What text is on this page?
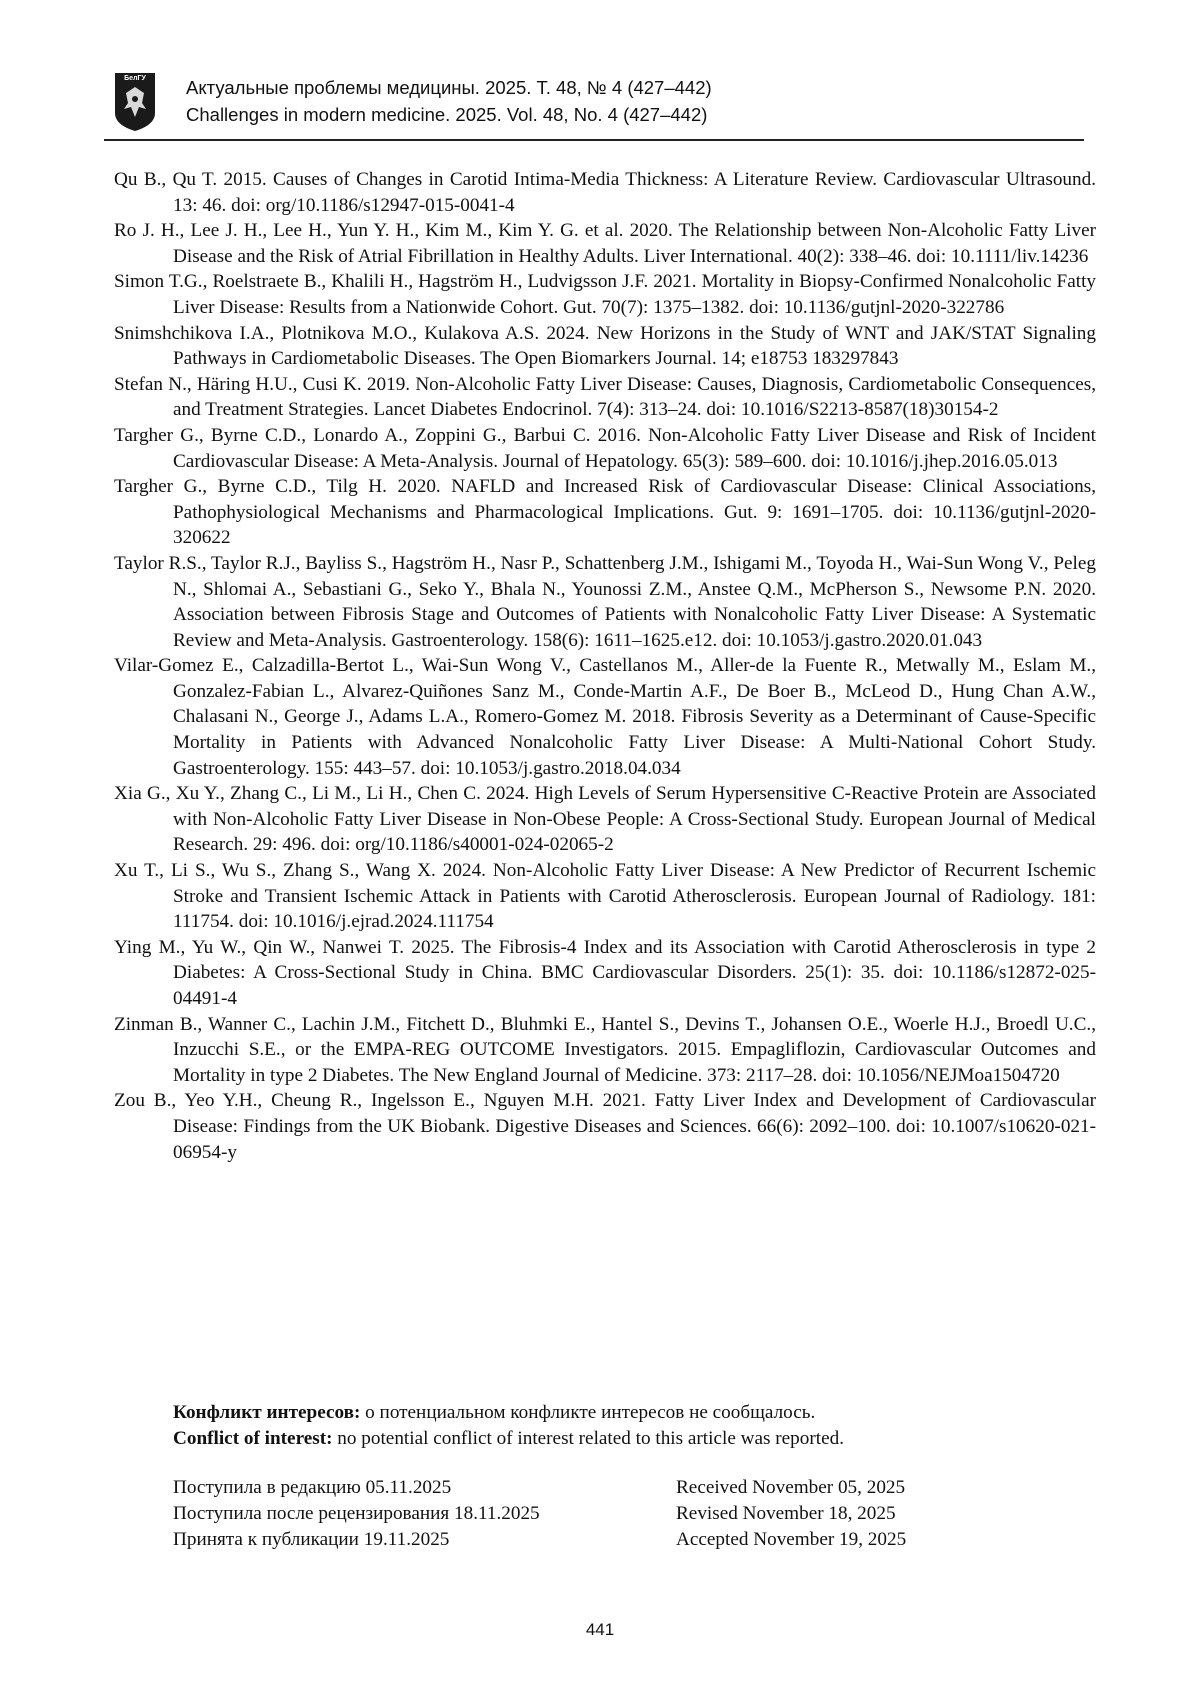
БелГУ Актуальные проблемы медицины. 2025. Т. 48, № 4 (427–442)
Challenges in modern medicine. 2025. Vol. 48, No. 4 (427–442)

Qu B., Qu T. 2015. Causes of Changes in Carotid Intima-Media Thickness: A Literature Review. Cardiovascular Ultrasound. 13: 46. doi: org/10.1186/s12947-015-0041-4

Ro J. H., Lee J. H., Lee H., Yun Y. H., Kim M., Kim Y. G. et al. 2020. The Relationship between Non-Alcoholic Fatty Liver Disease and the Risk of Atrial Fibrillation in Healthy Adults. Liver International. 40(2): 338–46. doi: 10.1111/liv.14236

Simon T.G., Roelstraete B., Khalili H., Hagström H., Ludvigsson J.F. 2021. Mortality in Biopsy-Confirmed Nonalcoholic Fatty Liver Disease: Results from a Nationwide Cohort. Gut. 70(7): 1375–1382. doi: 10.1136/gutjnl-2020-322786

Snimshchikova I.A., Plotnikova M.O., Kulakova A.S. 2024. New Horizons in the Study of WNT and JAK/STAT Signaling Pathways in Cardiometabolic Diseases. The Open Biomarkers Journal. 14; e18753 183297843

Stefan N., Häring H.U., Cusi K. 2019. Non-Alcoholic Fatty Liver Disease: Causes, Diagnosis, Cardiometabolic Consequences, and Treatment Strategies. Lancet Diabetes Endocrinol. 7(4): 313–24. doi: 10.1016/S2213-8587(18)30154-2

Targher G., Byrne C.D., Lonardo A., Zoppini G., Barbui C. 2016. Non-Alcoholic Fatty Liver Disease and Risk of Incident Cardiovascular Disease: A Meta-Analysis. Journal of Hepatology. 65(3): 589–600. doi: 10.1016/j.jhep.2016.05.013

Targher G., Byrne C.D., Tilg H. 2020. NAFLD and Increased Risk of Cardiovascular Disease: Clinical Associations, Pathophysiological Mechanisms and Pharmacological Implications. Gut. 9: 1691–1705. doi: 10.1136/gutjnl-2020-320622

Taylor R.S., Taylor R.J., Bayliss S., Hagström H., Nasr P., Schattenberg J.M., Ishigami M., Toyoda H., Wai-Sun Wong V., Peleg N., Shlomai A., Sebastiani G., Seko Y., Bhala N., Younossi Z.M., Anstee Q.M., McPherson S., Newsome P.N. 2020. Association between Fibrosis Stage and Outcomes of Patients with Nonalcoholic Fatty Liver Disease: A Systematic Review and Meta-Analysis. Gastroenterology. 158(6): 1611–1625.e12. doi: 10.1053/j.gastro.2020.01.043

Vilar-Gomez E., Calzadilla-Bertot L., Wai-Sun Wong V., Castellanos M., Aller-de la Fuente R., Metwally M., Eslam M., Gonzalez-Fabian L., Alvarez-Quiñones Sanz M., Conde-Martin A.F., De Boer B., McLeod D., Hung Chan A.W., Chalasani N., George J., Adams L.A., Romero-Gomez M. 2018. Fibrosis Severity as a Determinant of Cause-Specific Mortality in Patients with Advanced Nonalcoholic Fatty Liver Disease: A Multi-National Cohort Study. Gastroenterology. 155: 443–57. doi: 10.1053/j.gastro.2018.04.034

Xia G., Xu Y., Zhang C., Li M., Li H., Chen C. 2024. High Levels of Serum Hypersensitive C-Reactive Protein are Associated with Non-Alcoholic Fatty Liver Disease in Non-Obese People: A Cross-Sectional Study. European Journal of Medical Research. 29: 496. doi: org/10.1186/s40001-024-02065-2

Xu T., Li S., Wu S., Zhang S., Wang X. 2024. Non-Alcoholic Fatty Liver Disease: A New Predictor of Recurrent Ischemic Stroke and Transient Ischemic Attack in Patients with Carotid Atherosclerosis. European Journal of Radiology. 181: 111754. doi: 10.1016/j.ejrad.2024.111754

Ying M., Yu W., Qin W., Nanwei T. 2025. The Fibrosis-4 Index and its Association with Carotid Atherosclerosis in type 2 Diabetes: A Cross-Sectional Study in China. BMC Cardiovascular Disorders. 25(1): 35. doi: 10.1186/s12872-025-04491-4

Zinman B., Wanner C., Lachin J.M., Fitchett D., Bluhmki E., Hantel S., Devins T., Johansen O.E., Woerle H.J., Broedl U.C., Inzucchi S.E., or the EMPA-REG OUTCOME Investigators. 2015. Empagliflozin, Cardiovascular Outcomes and Mortality in type 2 Diabetes. The New England Journal of Medicine. 373: 2117–28. doi: 10.1056/NEJMoa1504720

Zou B., Yeo Y.H., Cheung R., Ingelsson E., Nguyen M.H. 2021. Fatty Liver Index and Development of Cardiovascular Disease: Findings from the UK Biobank. Digestive Diseases and Sciences. 66(6): 2092–100. doi: 10.1007/s10620-021-06954-y

Конфликт интересов: о потенциальном конфликте интересов не сообщалось.

Conflict of interest: no potential conflict of interest related to this article was reported.

Поступила в редакцию 05.11.2025
Поступила после рецензирования 18.11.2025
Принята к публикации 19.11.2025
Received November 05, 2025
Revised November 18, 2025
Accepted November 19, 2025
441
